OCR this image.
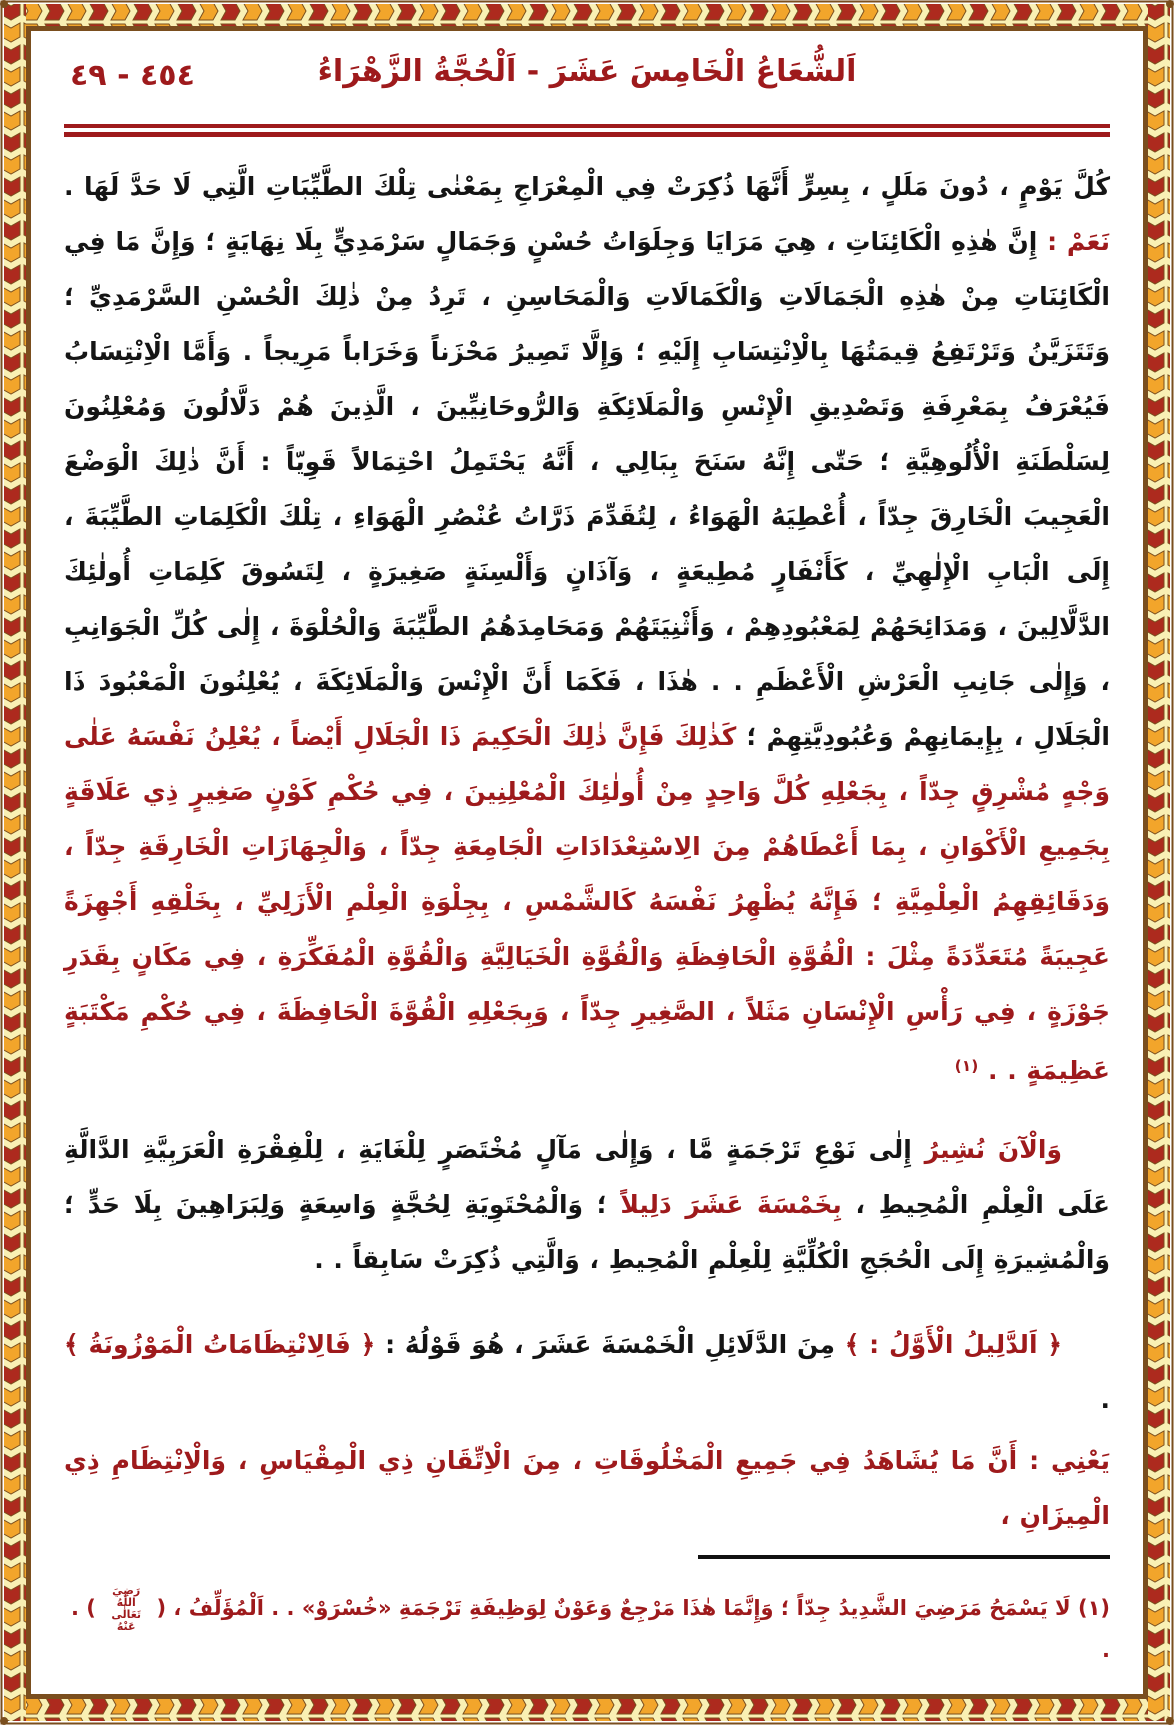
اَلشُّعَاعُ الْخَامِسَ عَشَرَ - اَلْحُجَّةُ الزَّهْرَاءُ
٤٥٤ - ٤٩

كُلَّ يَوْمٍ ، دُونَ مَلَلٍ ، بِسِرٍّ أَنَّهَا ذُكِرَتْ فِي الْمِعْرَاجِ بِمَعْنٰى تِلْكَ الطَّيِّبَاتِ الَّتِي لَا حَدَّ لَهَا . نَعَمْ : إِنَّ هٰذِهِ الْكَائِنَاتِ ، هِيَ مَرَايَا وَجِلَوَاتُ حُسْنٍ وَجَمَالٍ سَرْمَدِيٍّ بِلَا نِهَايَةٍ ؛ وَإِنَّ مَا فِي الْكَائِنَاتِ مِنْ هٰذِهِ الْجَمَالَاتِ وَالْكَمَالَاتِ وَالْمَحَاسِنِ ، تَرِدُ مِنْ ذٰلِكَ الْحُسْنِ السَّرْمَدِيِّ ؛ وَتَتَزَيَّنُ وَتَرْتَفِعُ قِيمَتُهَا بِالْاِنْتِسَابِ إِلَيْهِ ؛ وَإِلَّا تَصِيرُ مَحْزَناً وَخَرَاباً مَرِيجاً . وَأَمَّا الْاِنْتِسَابُ فَيُعْرَفُ بِمَعْرِفَةِ وَتَصْدِيقِ الْإِنْسِ وَالْمَلَائِكَةِ وَالرُّوحَانِيِّينَ ، الَّذِينَ هُمْ دَلَّالُونَ وَمُعْلِنُونَ لِسَلْطَنَةِ الْأُلُوهِيَّةِ ؛ حَتّٰى إِنَّهُ سَنَحَ بِبَالِي ، أَنَّهُ يَحْتَمِلُ احْتِمَالاً قَوِيّاً : أَنَّ ذٰلِكَ الْوَضْعَ الْعَجِيبَ الْخَارِقَ جِدّاً ، أُعْطِيَهُ الْهَوَاءُ ، لِتُقَدِّمَ ذَرَّاتُ عُنْصُرِ الْهَوَاءِ ، تِلْكَ الْكَلِمَاتِ الطَّيِّبَةَ ، إِلَى الْبَابِ الْإِلٰهِيِّ ، كَأَنْفَارٍ مُطِيعَةٍ ، وَآذَانٍ وَأَلْسِنَةٍ صَغِيرَةٍ ، لِتَسُوقَ كَلِمَاتِ أُولٰئِكَ الدَّلَّالِينَ ، وَمَدَائِحَهُمْ لِمَعْبُودِهِمْ ، وَأَثْنِيَتَهُمْ وَمَحَامِدَهُمُ الطَّيِّبَةَ وَالْحُلْوَةَ ، إِلٰى كُلِّ الْجَوَانِبِ ، وَإِلٰى جَانِبِ الْعَرْشِ الْأَعْظَمِ . . هٰذَا ، فَكَمَا أَنَّ الْإِنْسَ وَالْمَلَائِكَةَ ، يُعْلِنُونَ الْمَعْبُودَ ذَا الْجَلَالِ ، بِإِيمَانِهِمْ وَعُبُودِيَّتِهِمْ ؛ كَذٰلِكَ فَإِنَّ ذٰلِكَ الْحَكِيمَ ذَا الْجَلَالِ أَيْضاً ، يُعْلِنُ نَفْسَهُ عَلٰى وَجْهٍ مُشْرِقٍ جِدّاً ، بِجَعْلِهِ كُلَّ وَاحِدٍ مِنْ أُولٰئِكَ الْمُعْلِنِينَ ، فِي حُكْمِ كَوْنٍ صَغِيرٍ ذِي عَلَاقَةٍ بِجَمِيعِ الْأَكْوَانِ ، بِمَا أَعْطَاهُمْ مِنَ الِاسْتِعْدَادَاتِ الْجَامِعَةِ جِدّاً ، وَالْجِهَازَاتِ الْخَارِقَةِ جِدّاً ، وَدَقَائِقِهِمُ الْعِلْمِيَّةِ ؛ فَإِنَّهُ يُظْهِرُ نَفْسَهُ كَالشَّمْسِ ، بِجِلْوَةِ الْعِلْمِ الْأَزَلِيِّ ، بِخَلْقِهِ أَجْهِزَةً عَجِيبَةً مُتَعَدِّدَةً مِثْلَ : الْقُوَّةِ الْحَافِظَةِ وَالْقُوَّةِ الْخَيَالِيَّةِ وَالْقُوَّةِ الْمُفَكِّرَةِ ، فِي مَكَانٍ بِقَدَرِ جَوْزَةٍ ، فِي رَأْسِ الْإِنْسَانِ مَثَلاً ، الصَّغِيرِ جِدّاً ، وَبِجَعْلِهِ الْقُوَّةَ الْحَافِظَةَ ، فِي حُكْمِ مَكْتَبَةٍ عَظِيمَةٍ . . $^{(١)}$

وَالْآنَ نُشِيرُ إِلٰى نَوْعِ تَرْجَمَةٍ مَّا ، وَإِلٰى مَآلٍ مُخْتَصَرٍ لِلْغَايَةِ ، لِلْفِقْرَةِ الْعَرَبِيَّةِ الدَّالَّةِ عَلَى الْعِلْمِ الْمُحِيطِ ، بِخَمْسَةَ عَشَرَ دَلِيلاً ؛ وَالْمُحْتَوِيَةِ لِحُجَّةٍ وَاسِعَةٍ وَلِبَرَاهِينَ بِلَا حَدٍّ ؛ وَالْمُشِيرَةِ إِلَى الْحُجَجِ الْكُلِّيَّةِ لِلْعِلْمِ الْمُحِيطِ ، وَالَّتِي ذُكِرَتْ سَابِقاً . .

﴿ اَلدَّلِيلُ الْأَوَّلُ : ﴾ مِنَ الدَّلَائِلِ الْخَمْسَةَ عَشَرَ ، هُوَ قَوْلُهُ : ﴿ فَالِانْتِظَامَاتُ الْمَوْزُونَةُ ﴾ .

يَعْنِي : أَنَّ مَا يُشَاهَدُ فِي جَمِيعِ الْمَخْلُوقَاتِ ، مِنَ الْاِتِّقَانِ ذِي الْمِقْيَاسِ ، وَالْاِنْتِظَامِ ذِي الْمِيزَانِ ،

(١) لَا يَسْمَحُ مَرَضِيَ الشَّدِيدُ جِدّاً ؛ وَإِنَّمَا هٰذَا مَرْجِعٌ وَعَوْنٌ لِوَظِيفَةِ تَرْجَمَةِ «خُسْرَوْ» . . اَلْمُؤَلِّفُ ، ( رَضِيَ اللّٰهُ تَعَالٰى عَنْهُ ) . .
